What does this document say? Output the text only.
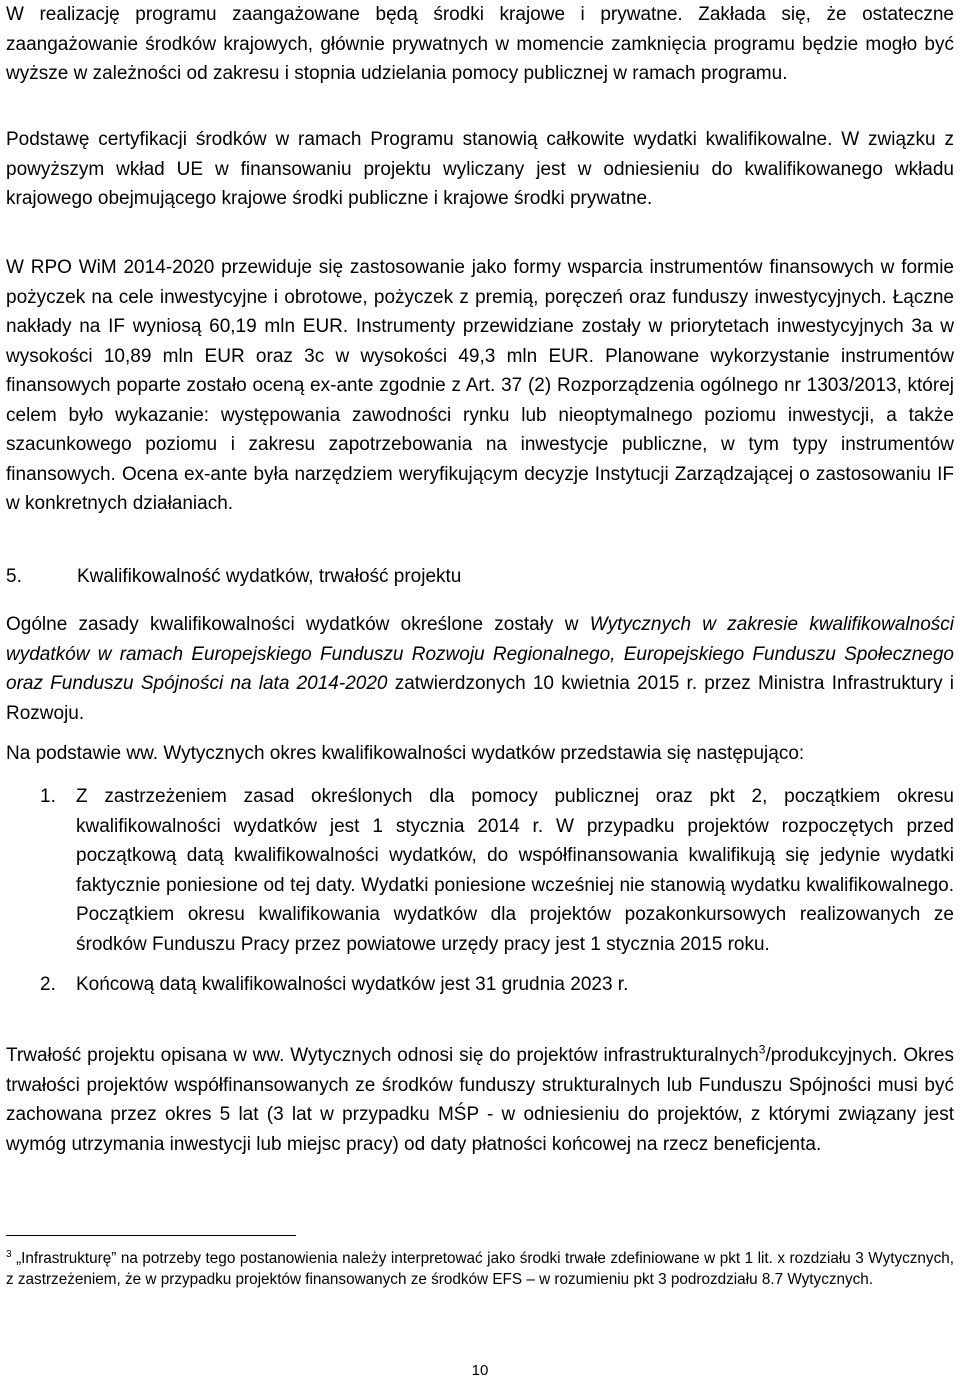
W realizację programu zaangażowane będą środki krajowe i prywatne. Zakłada się, że ostateczne zaangażowanie środków krajowych, głównie prywatnych w momencie zamknięcia programu będzie mogło być wyższe w zależności od zakresu i stopnia udzielania pomocy publicznej w ramach programu.

Podstawę certyfikacji środków w ramach Programu stanowią całkowite wydatki kwalifikowalne. W związku z powyższym wkład UE w finansowaniu projektu wyliczany jest w odniesieniu do kwalifikowanego wkładu krajowego obejmującego krajowe środki publiczne i krajowe środki prywatne.

W RPO WiM 2014-2020 przewiduje się zastosowanie jako formy wsparcia instrumentów finansowych w formie pożyczek na cele inwestycyjne i obrotowe, pożyczek z premią, poręczeń oraz funduszy inwestycyjnych. Łączne nakłady na IF wyniosą 60,19 mln EUR. Instrumenty przewidziane zostały w priorytetach inwestycyjnych 3a w wysokości 10,89 mln EUR oraz 3c w wysokości 49,3 mln EUR. Planowane wykorzystanie instrumentów finansowych poparte zostało oceną ex-ante zgodnie z Art. 37 (2) Rozporządzenia ogólnego nr 1303/2013, której celem było wykazanie: występowania zawodności rynku lub nieoptymalnego poziomu inwestycji, a także szacunkowego poziomu i zakresu zapotrzebowania na inwestycje publiczne, w tym typy instrumentów finansowych. Ocena ex-ante była narzędziem weryfikującym decyzje Instytucji Zarządzającej o zastosowaniu IF w konkretnych działaniach.

5.	Kwalifikowalność wydatków, trwałość projektu

Ogólne zasady kwalifikowalności wydatków określone zostały w Wytycznych w zakresie kwalifikowalności wydatków w ramach Europejskiego Funduszu Rozwoju Regionalnego, Europejskiego Funduszu Społecznego oraz Funduszu Spójności na lata 2014-2020 zatwierdzonych 10 kwietnia 2015 r. przez Ministra Infrastruktury i Rozwoju.

Na podstawie ww. Wytycznych okres kwalifikowalności wydatków przedstawia się następująco:

1. Z zastrzeżeniem zasad określonych dla pomocy publicznej oraz pkt 2, początkiem okresu kwalifikowalności wydatków jest 1 stycznia 2014 r. W przypadku projektów rozpoczętych przed początkową datą kwalifikowalności wydatków, do współfinansowania kwalifikują się jedynie wydatki faktycznie poniesione od tej daty. Wydatki poniesione wcześniej nie stanowią wydatku kwalifikowalnego. Początkiem okresu kwalifikowania wydatków dla projektów pozakonkursowych realizowanych ze środków Funduszu Pracy przez powiatowe urzędy pracy jest 1 stycznia 2015 roku.

2. Końcową datą kwalifikowalności wydatków jest 31 grudnia 2023 r.

Trwałość projektu opisana w ww. Wytycznych odnosi się do projektów infrastrukturalnych$^3$/produkcyjnych. Okres trwałości projektów współfinansowanych ze środków funduszy strukturalnych lub Funduszu Spójności musi być zachowana przez okres 5 lat (3 lat w przypadku MŚP - w odniesieniu do projektów, z którymi związany jest wymóg utrzymania inwestycji lub miejsc pracy) od daty płatności końcowej na rzecz beneficjenta.

$^3$ „Infrastrukturę” na potrzeby tego postanowienia należy interpretować jako środki trwałe zdefiniowane w pkt 1 lit. x rozdziału 3 Wytycznych, z zastrzeżeniem, że w przypadku projektów finansowanych ze środków EFS – w rozumieniu pkt 3 podrozdziału 8.7 Wytycznych.

10
